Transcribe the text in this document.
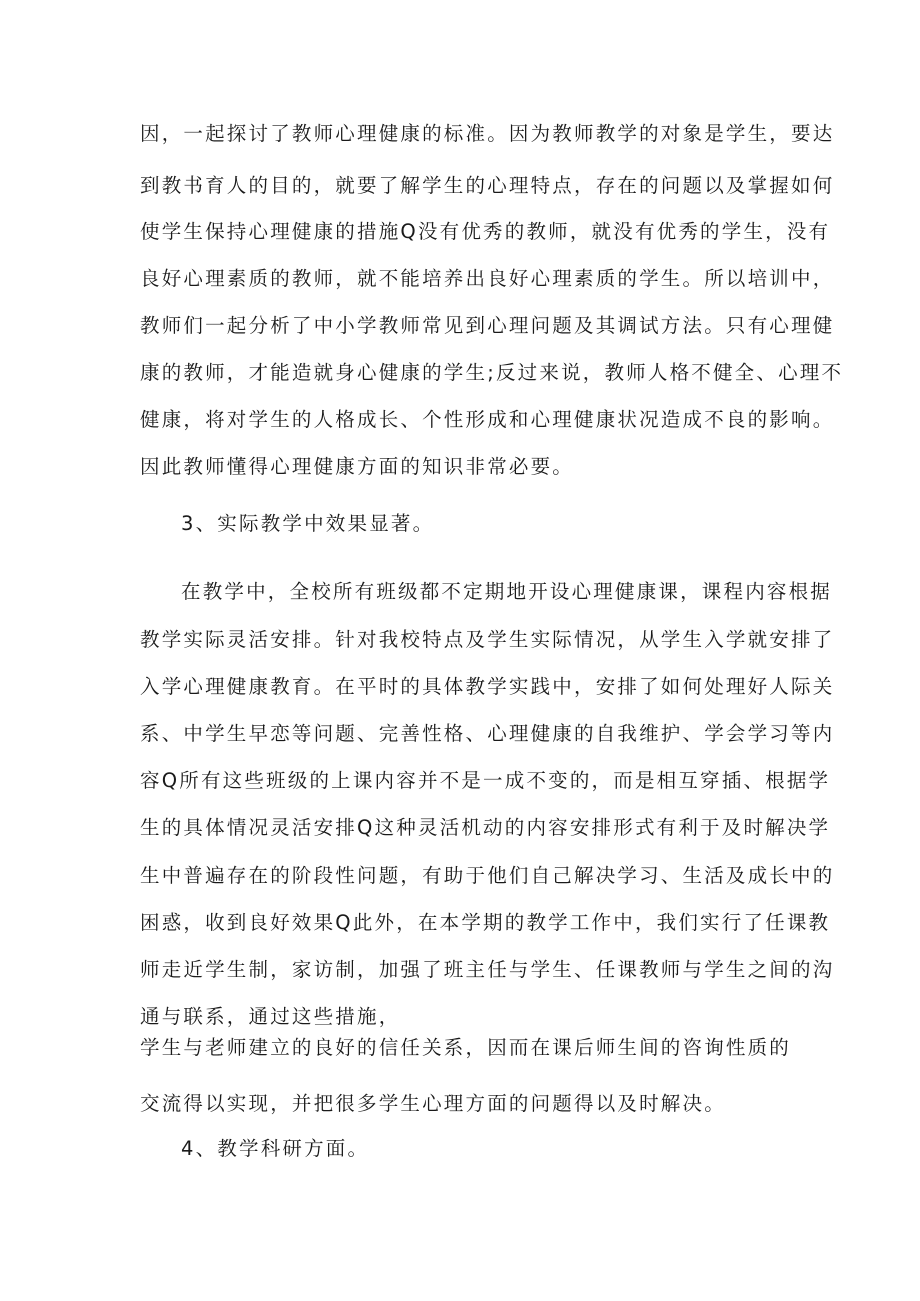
因，一起探讨了教师心理健康的标准。因为教师教学的对象是学生，要达
到教书育人的目的，就要了解学生的心理特点，存在的问题以及掌握如何
使学生保持心理健康的措施Q没有优秀的教师，就没有优秀的学生，没有
良好心理素质的教师，就不能培养出良好心理素质的学生。所以培训中，
教师们一起分析了中小学教师常见到心理问题及其调试方法。只有心理健
康的教师，才能造就身心健康的学生;反过来说，教师人格不健全、心理不
健康，将对学生的人格成长、个性形成和心理健康状况造成不良的影响。
因此教师懂得心理健康方面的知识非常必要。
3、实际教学中效果显著。
在教学中，全校所有班级都不定期地开设心理健康课，课程内容根据
教学实际灵活安排。针对我校特点及学生实际情况，从学生入学就安排了
入学心理健康教育。在平时的具体教学实践中，安排了如何处理好人际关
系、中学生早恋等问题、完善性格、心理健康的自我维护、学会学习等内
容Q所有这些班级的上课内容并不是一成不变的，而是相互穿插、根据学
生的具体情况灵活安排Q这种灵活机动的内容安排形式有利于及时解决学
生中普遍存在的阶段性问题，有助于他们自己解决学习、生活及成长中的
困惑，收到良好效果Q此外，在本学期的教学工作中，我们实行了任课教
师走近学生制，家访制，加强了班主任与学生、任课教师与学生之间的沟
通与联系，通过这些措施，
学生与老师建立的良好的信任关系，因而在课后师生间的咨询性质的
交流得以实现，并把很多学生心理方面的问题得以及时解决。
4、教学科研方面。
